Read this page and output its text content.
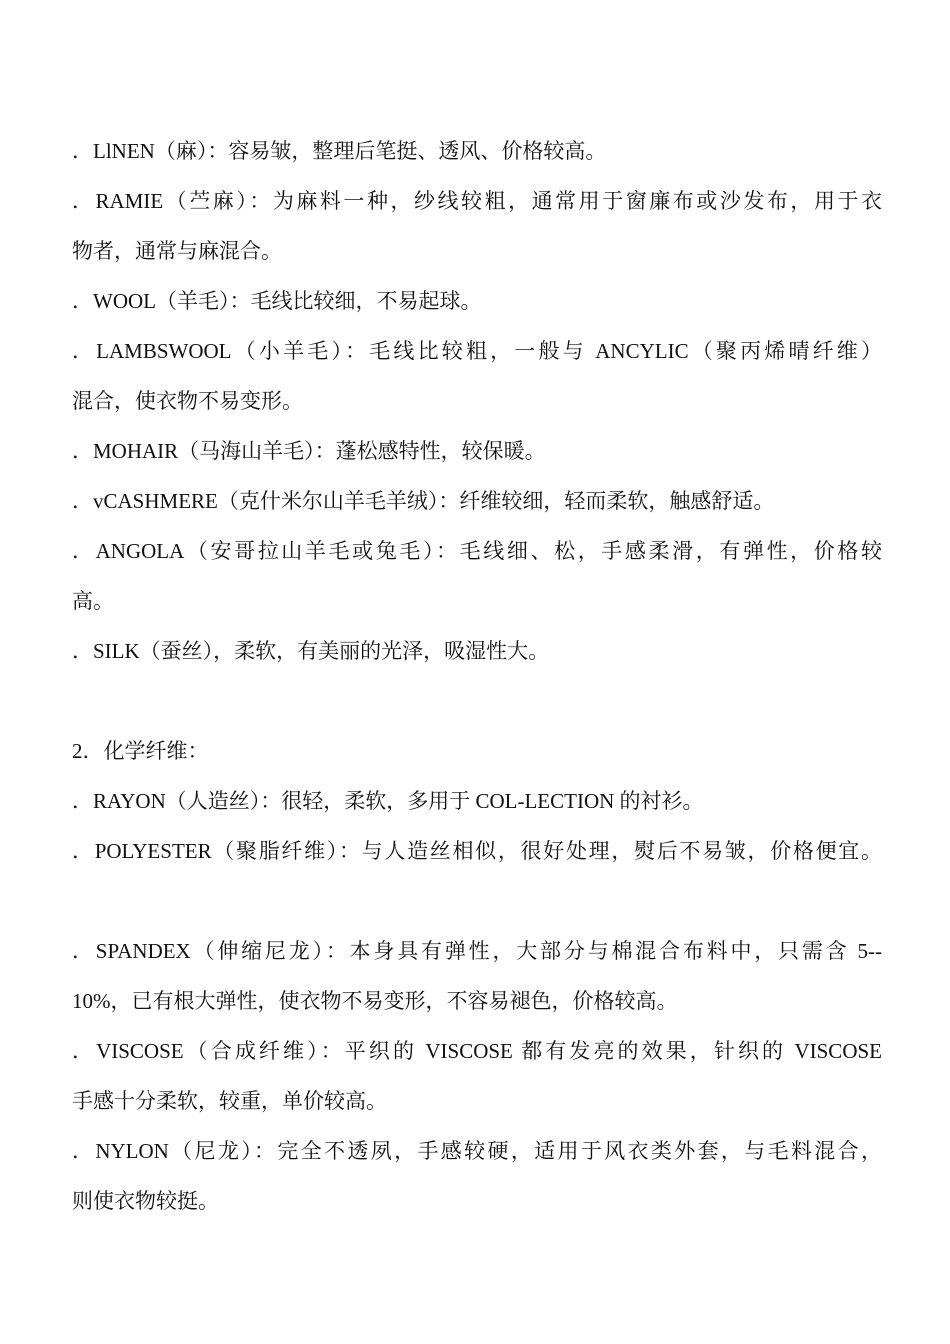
．LlNEN（麻）：容易皱，整理后笔挺、透风、价格较高。
．RAMIE（苎麻）：为麻料一种，纱线较粗，通常用于窗廉布或沙发布，用于衣
物者，通常与麻混合。
．WOOL（羊毛）：毛线比较细，不易起球。
．LAMBSWOOL（小羊毛）：毛线比较粗，一般与 ANCYLIC（聚丙烯晴纤维）
混合，使衣物不易变形。
．MOHAIR（马海山羊毛）：蓬松感特性，较保暖。
．vCASHMERE（克什米尔山羊毛羊绒）：纤维较细，轻而柔软，触感舒适。
．ANGOLA（安哥拉山羊毛或兔毛）：毛线细、松，手感柔滑，有弹性，价格较
高。
．SILK（蚕丝），柔软，有美丽的光泽，吸湿性大。
2．化学纤维：
．RAYON（人造丝）：很轻，柔软，多用于 COL-LECTION 的衬衫。
．POLYESTER（聚脂纤维）：与人造丝相似，很好处理，熨后不易皱，价格便宜。
．SPANDEX（伸缩尼龙）：本身具有弹性，大部分与棉混合布料中，只需含 5--
10%，已有根大弹性，使衣物不易变形，不容易褪色，价格较高。
．VISCOSE（合成纤维）：平织的 VISCOSE 都有发亮的效果，针织的 VISCOSE
手感十分柔软，较重，单价较高。
．NYLON（尼龙）：完全不透夙，手感较硬，适用于风衣类外套，与毛料混合，
则使衣物较挺。
